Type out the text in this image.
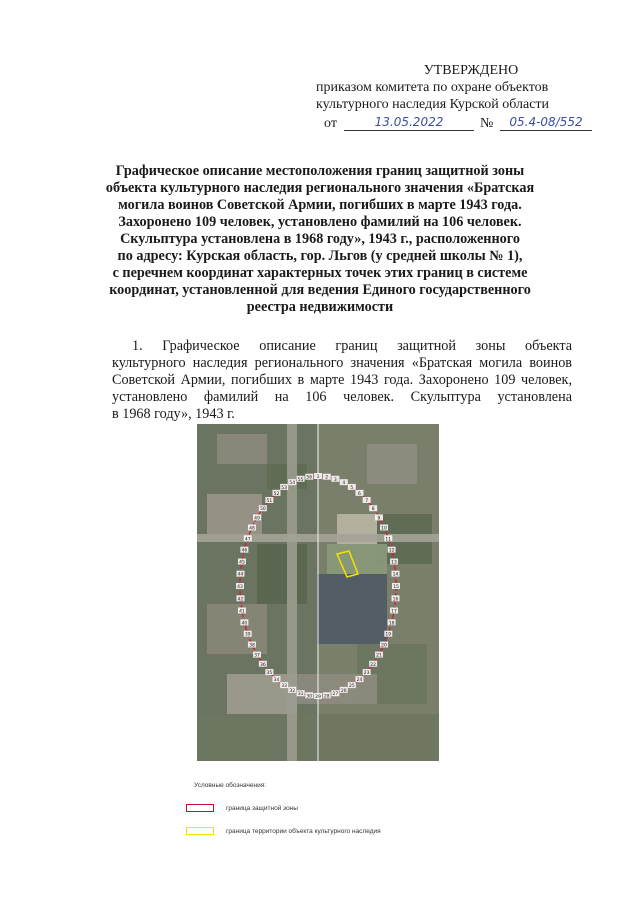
УТВЕРЖДЕНО
приказом комитета по охране объектов
культурного наследия Курской области
от	13.05.2022	№	05.4-08/552
Графическое описание местоположения границ защитной зоны
объекта культурного наследия регионального значения «Братская
могила воинов Советской Армии, погибших в марте 1943 года.
Захоронено 109 человек, установлено фамилий на 106 человек.
Скульптура установлена в 1968 году», 1943 г., расположенного
по адресу: Курская область, гор. Льгов (у средней школы № 1),
с перечнем координат характерных точек этих границ в системе
координат, установленной для ведения Единого государственного
реестра недвижимости
1. Графическое описание границ защитной зоны объекта
культурного наследия регионального значения «Братская могила воинов
Советской Армии, погибших в марте 1943 года. Захоронено 109 человек,
установлено фамилий на 106 человек. Скульптура установлена
в 1968 году», 1943 г.
1 2 3
4
5
6
7
8
9
10
11
12
13
14
15
16
17
18
19
20
21
22
23
24
25
26
27
28
29
30
31
32
33
34
35
36
37
38
39
40
41
42
43
44
45
46
47
48
49
50
51
52
53
54
55 56
Условные обозначения:
граница защитной зоны
граница территории объекта культурного наследия
